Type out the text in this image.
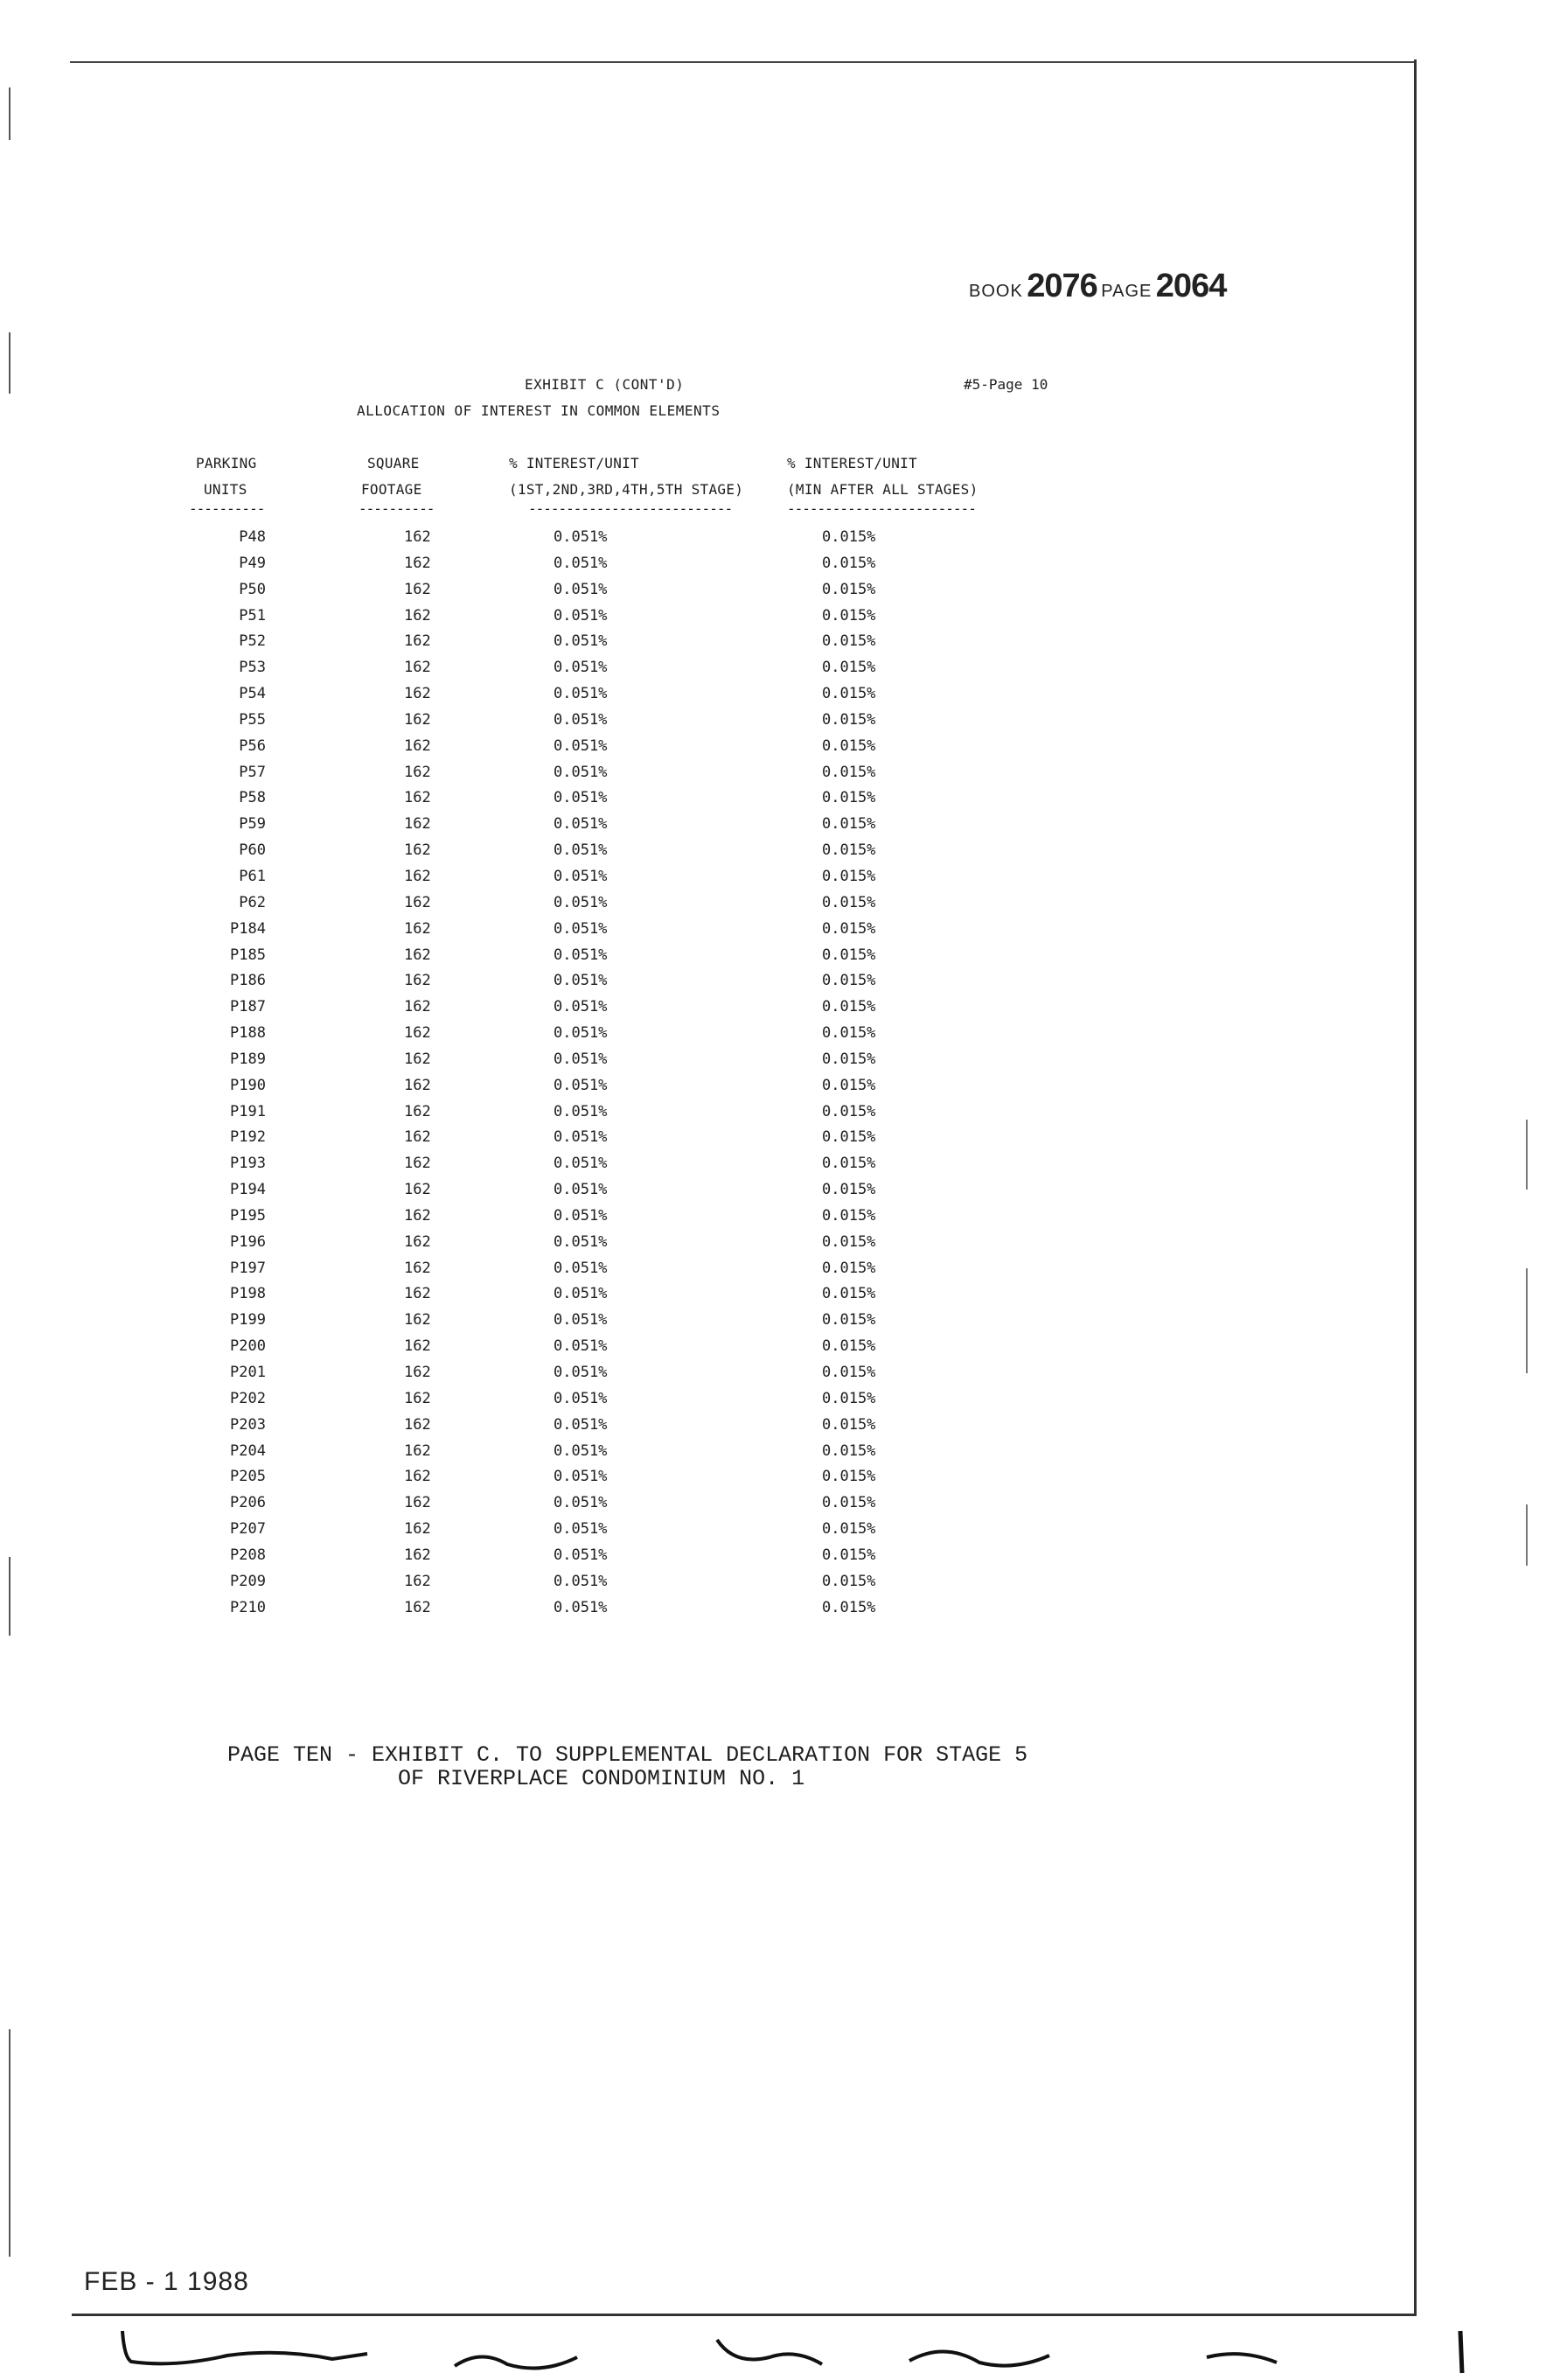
BOOK 2076 PAGE 2064
EXHIBIT C (CONT'D)
ALLOCATION OF INTEREST IN COMMON ELEMENTS
#5-Page 10
PARKING
UNITS
SQUARE
FOOTAGE
% INTEREST/UNIT
(1ST,2ND,3RD,4TH,5TH STAGE)
% INTEREST/UNIT
(MIN AFTER ALL STAGES)
----------	----------	---------------------------	-------------------------
P48	162	0.051%	0.015%
P49	162	0.051%	0.015%
P50	162	0.051%	0.015%
P51	162	0.051%	0.015%
P52	162	0.051%	0.015%
P53	162	0.051%	0.015%
P54	162	0.051%	0.015%
P55	162	0.051%	0.015%
P56	162	0.051%	0.015%
P57	162	0.051%	0.015%
P58	162	0.051%	0.015%
P59	162	0.051%	0.015%
P60	162	0.051%	0.015%
P61	162	0.051%	0.015%
P62	162	0.051%	0.015%
P184	162	0.051%	0.015%
P185	162	0.051%	0.015%
P186	162	0.051%	0.015%
P187	162	0.051%	0.015%
P188	162	0.051%	0.015%
P189	162	0.051%	0.015%
P190	162	0.051%	0.015%
P191	162	0.051%	0.015%
P192	162	0.051%	0.015%
P193	162	0.051%	0.015%
P194	162	0.051%	0.015%
P195	162	0.051%	0.015%
P196	162	0.051%	0.015%
P197	162	0.051%	0.015%
P198	162	0.051%	0.015%
P199	162	0.051%	0.015%
P200	162	0.051%	0.015%
P201	162	0.051%	0.015%
P202	162	0.051%	0.015%
P203	162	0.051%	0.015%
P204	162	0.051%	0.015%
P205	162	0.051%	0.015%
P206	162	0.051%	0.015%
P207	162	0.051%	0.015%
P208	162	0.051%	0.015%
P209	162	0.051%	0.015%
P210	162	0.051%	0.015%
PAGE TEN - EXHIBIT C. TO SUPPLEMENTAL DECLARATION FOR STAGE 5
OF RIVERPLACE CONDOMINIUM NO. 1
FEB - 1 1988
